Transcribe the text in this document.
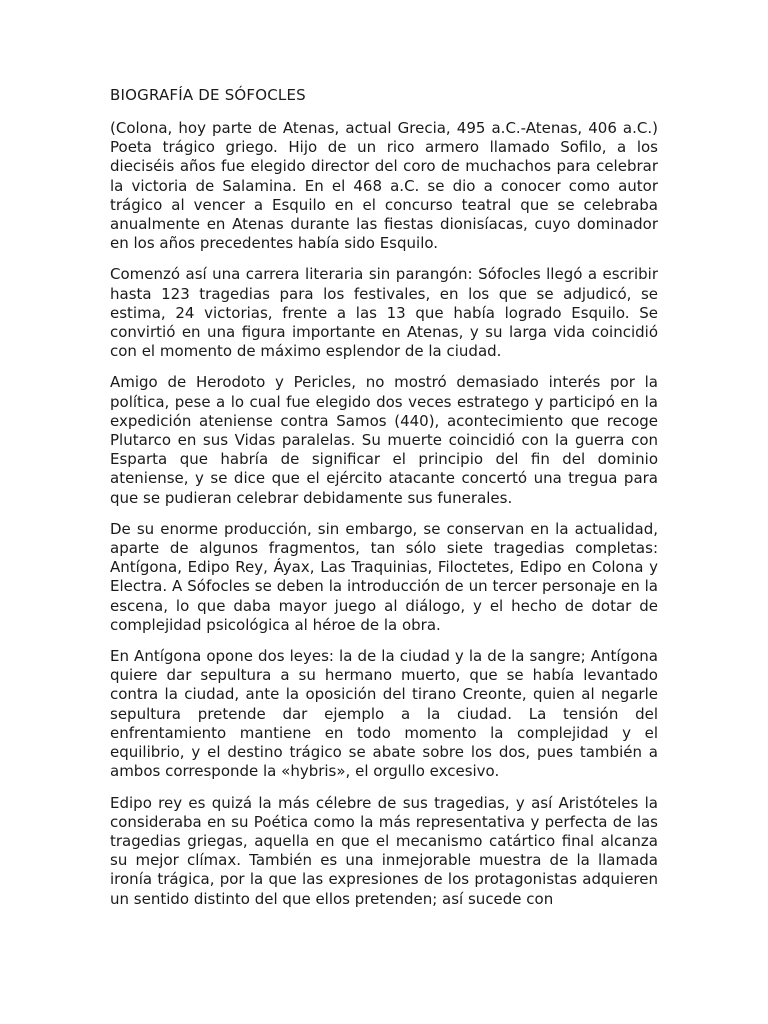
BIOGRAFÍA DE SÓFOCLES

(Colona, hoy parte de Atenas, actual Grecia, 495 a.C.-Atenas, 406 a.C.) Poeta trágico griego. Hijo de un rico armero llamado Sofilo, a los dieciséis años fue elegido director del coro de muchachos para celebrar la victoria de Salamina. En el 468 a.C. se dio a conocer como autor trágico al vencer a Esquilo en el concurso teatral que se celebraba anualmente en Atenas durante las fiestas dionisíacas, cuyo dominador en los años precedentes había sido Esquilo.

Comenzó así una carrera literaria sin parangón: Sófocles llegó a escribir hasta 123 tragedias para los festivales, en los que se adjudicó, se estima, 24 victorias, frente a las 13 que había logrado Esquilo. Se convirtió en una figura importante en Atenas, y su larga vida coincidió con el momento de máximo esplendor de la ciudad.

Amigo de Herodoto y Pericles, no mostró demasiado interés por la política, pese a lo cual fue elegido dos veces estratego y participó en la expedición ateniense contra Samos (440), acontecimiento que recoge Plutarco en sus Vidas paralelas. Su muerte coincidió con la guerra con Esparta que habría de significar el principio del fin del dominio ateniense, y se dice que el ejército atacante concertó una tregua para que se pudieran celebrar debidamente sus funerales.

De su enorme producción, sin embargo, se conservan en la actualidad, aparte de algunos fragmentos, tan sólo siete tragedias completas: Antígona, Edipo Rey, Áyax, Las Traquinias, Filoctetes, Edipo en Colona y Electra. A Sófocles se deben la introducción de un tercer personaje en la escena, lo que daba mayor juego al diálogo, y el hecho de dotar de complejidad psicológica al héroe de la obra.

En Antígona opone dos leyes: la de la ciudad y la de la sangre; Antígona quiere dar sepultura a su hermano muerto, que se había levantado contra la ciudad, ante la oposición del tirano Creonte, quien al negarle sepultura pretende dar ejemplo a la ciudad. La tensión del enfrentamiento mantiene en todo momento la complejidad y el equilibrio, y el destino trágico se abate sobre los dos, pues también a ambos corresponde la «hybris», el orgullo excesivo.

Edipo rey es quizá la más célebre de sus tragedias, y así Aristóteles la consideraba en su Poética como la más representativa y perfecta de las tragedias griegas, aquella en que el mecanismo catártico final alcanza su mejor clímax. También es una inmejorable muestra de la llamada ironía trágica, por la que las expresiones de los protagonistas adquieren un sentido distinto del que ellos pretenden; así sucede con
